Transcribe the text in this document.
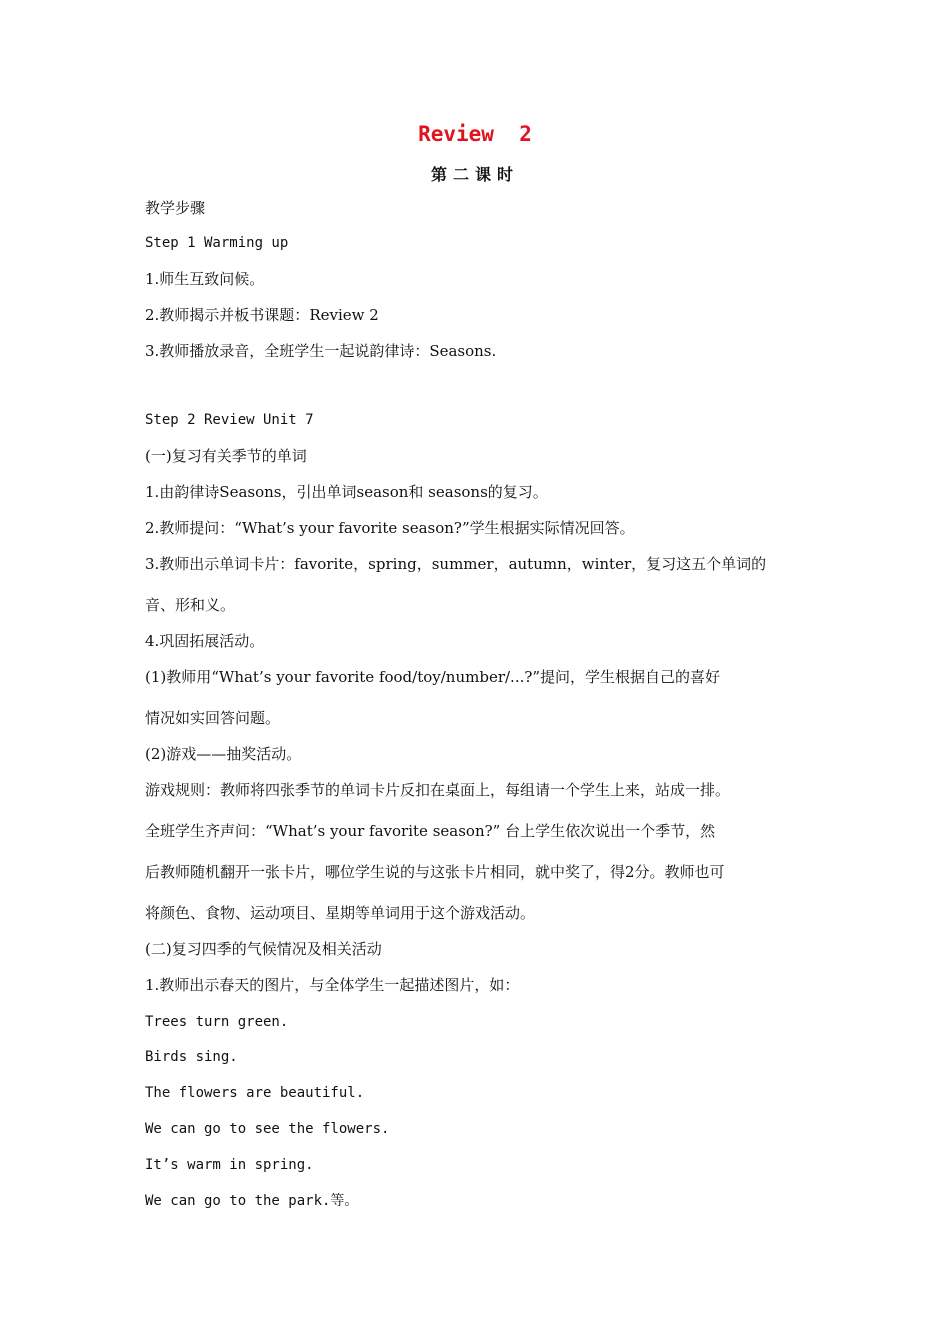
Review  2
第二课时
教学步骤
Step 1 Warming up
1.师生互致问候。
2.教师揭示并板书课题：Review 2
3.教师播放录音，全班学生一起说韵律诗：Seasons.
Step 2 Review Unit 7
(一)复习有关季节的单词
1.由韵律诗Seasons，引出单词season和 seasons的复习。
2.教师提问：“What’s your favorite season?”学生根据实际情况回答。
3.教师出示单词卡片：favorite，spring，summer，autumn，winter，复习这五个单词的
音、形和义。
4.巩固拓展活动。
(1)教师用“What’s your favorite food/toy/number/...?”提问，学生根据自己的喜好
情况如实回答问题。
(2)游戏——抽奖活动。
游戏规则：教师将四张季节的单词卡片反扣在桌面上，每组请一个学生上来，站成一排。
全班学生齐声问：“What’s your favorite season?” 台上学生依次说出一个季节，然
后教师随机翻开一张卡片，哪位学生说的与这张卡片相同，就中奖了，得2分。教师也可
将颜色、食物、运动项目、星期等单词用于这个游戏活动。
(二)复习四季的气候情况及相关活动
1.教师出示春天的图片，与全体学生一起描述图片，如：
Trees turn green.
Birds sing.
The flowers are beautiful.
We can go to see the flowers.
It’s warm in spring.
We can go to the park.等。
